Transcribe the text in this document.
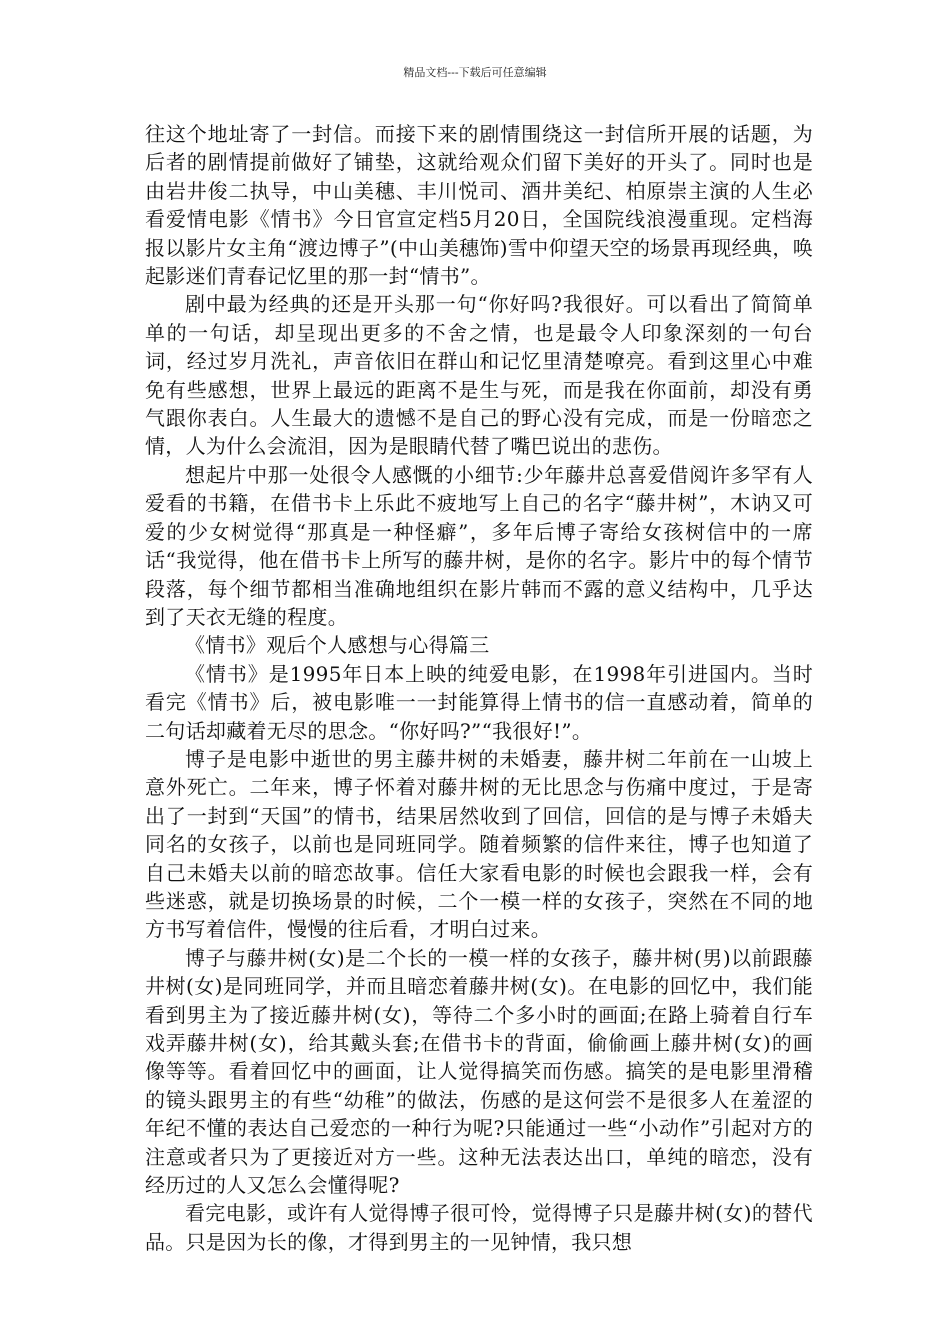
精品文档---下载后可任意编辑

往这个地址寄了一封信。而接下来的剧情围绕这一封信所开展的话题，为后者的剧情提前做好了铺垫，这就给观众们留下美好的开头了。同时也是由岩井俊二执导，中山美穗、丰川悦司、酒井美纪、柏原崇主演的人生必看爱情电影《情书》今日官宣定档5月20日，全国院线浪漫重现。定档海报以影片女主角“渡边博子”(中山美穗饰)雪中仰望天空的场景再现经典，唤起影迷们青春记忆里的那一封“情书”。

剧中最为经典的还是开头那一句“你好吗?我很好。可以看出了简简单单的一句话，却呈现出更多的不舍之情，也是最令人印象深刻的一句台词，经过岁月洗礼，声音依旧在群山和记忆里清楚嘹亮。看到这里心中难免有些感想，世界上最远的距离不是生与死，而是我在你面前，却没有勇气跟你表白。人生最大的遗憾不是自己的野心没有完成，而是一份暗恋之情，人为什么会流泪，因为是眼睛代替了嘴巴说出的悲伤。

想起片中那一处很令人感慨的小细节:少年藤井总喜爱借阅许多罕有人爱看的书籍，在借书卡上乐此不疲地写上自己的名字“藤井树”，木讷又可爱的少女树觉得“那真是一种怪癖”，多年后博子寄给女孩树信中的一席话“我觉得，他在借书卡上所写的藤井树，是你的名字。影片中的每个情节段落，每个细节都相当准确地组织在影片韩而不露的意义结构中，几乎达到了天衣无缝的程度。

《情书》观后个人感想与心得篇三

《情书》是1995年日本上映的纯爱电影，在1998年引进国内。当时看完《情书》后，被电影唯一一封能算得上情书的信一直感动着，简单的二句话却藏着无尽的思念。“你好吗?”“我很好!”。

博子是电影中逝世的男主藤井树的未婚妻，藤井树二年前在一山坡上意外死亡。二年来，博子怀着对藤井树的无比思念与伤痛中度过，于是寄出了一封到“天国”的情书，结果居然收到了回信，回信的是与博子未婚夫同名的女孩子，以前也是同班同学。随着频繁的信件来往，博子也知道了自己未婚夫以前的暗恋故事。信任大家看电影的时候也会跟我一样，会有些迷惑，就是切换场景的时候，二个一模一样的女孩子，突然在不同的地方书写着信件，慢慢的往后看，才明白过来。

博子与藤井树(女)是二个长的一模一样的女孩子，藤井树(男)以前跟藤井树(女)是同班同学，并而且暗恋着藤井树(女)。在电影的回忆中，我们能看到男主为了接近藤井树(女)，等待二个多小时的画面;在路上骑着自行车戏弄藤井树(女)，给其戴头套;在借书卡的背面，偷偷画上藤井树(女)的画像等等。看着回忆中的画面，让人觉得搞笑而伤感。搞笑的是电影里滑稽的镜头跟男主的有些“幼稚”的做法，伤感的是这何尝不是很多人在羞涩的年纪不懂的表达自己爱恋的一种行为呢?只能通过一些“小动作”引起对方的注意或者只为了更接近对方一些。这种无法表达出口，单纯的暗恋，没有经历过的人又怎么会懂得呢?

看完电影，或许有人觉得博子很可怜，觉得博子只是藤井树(女)的替代品。只是因为长的像，才得到男主的一见钟情，我只想
